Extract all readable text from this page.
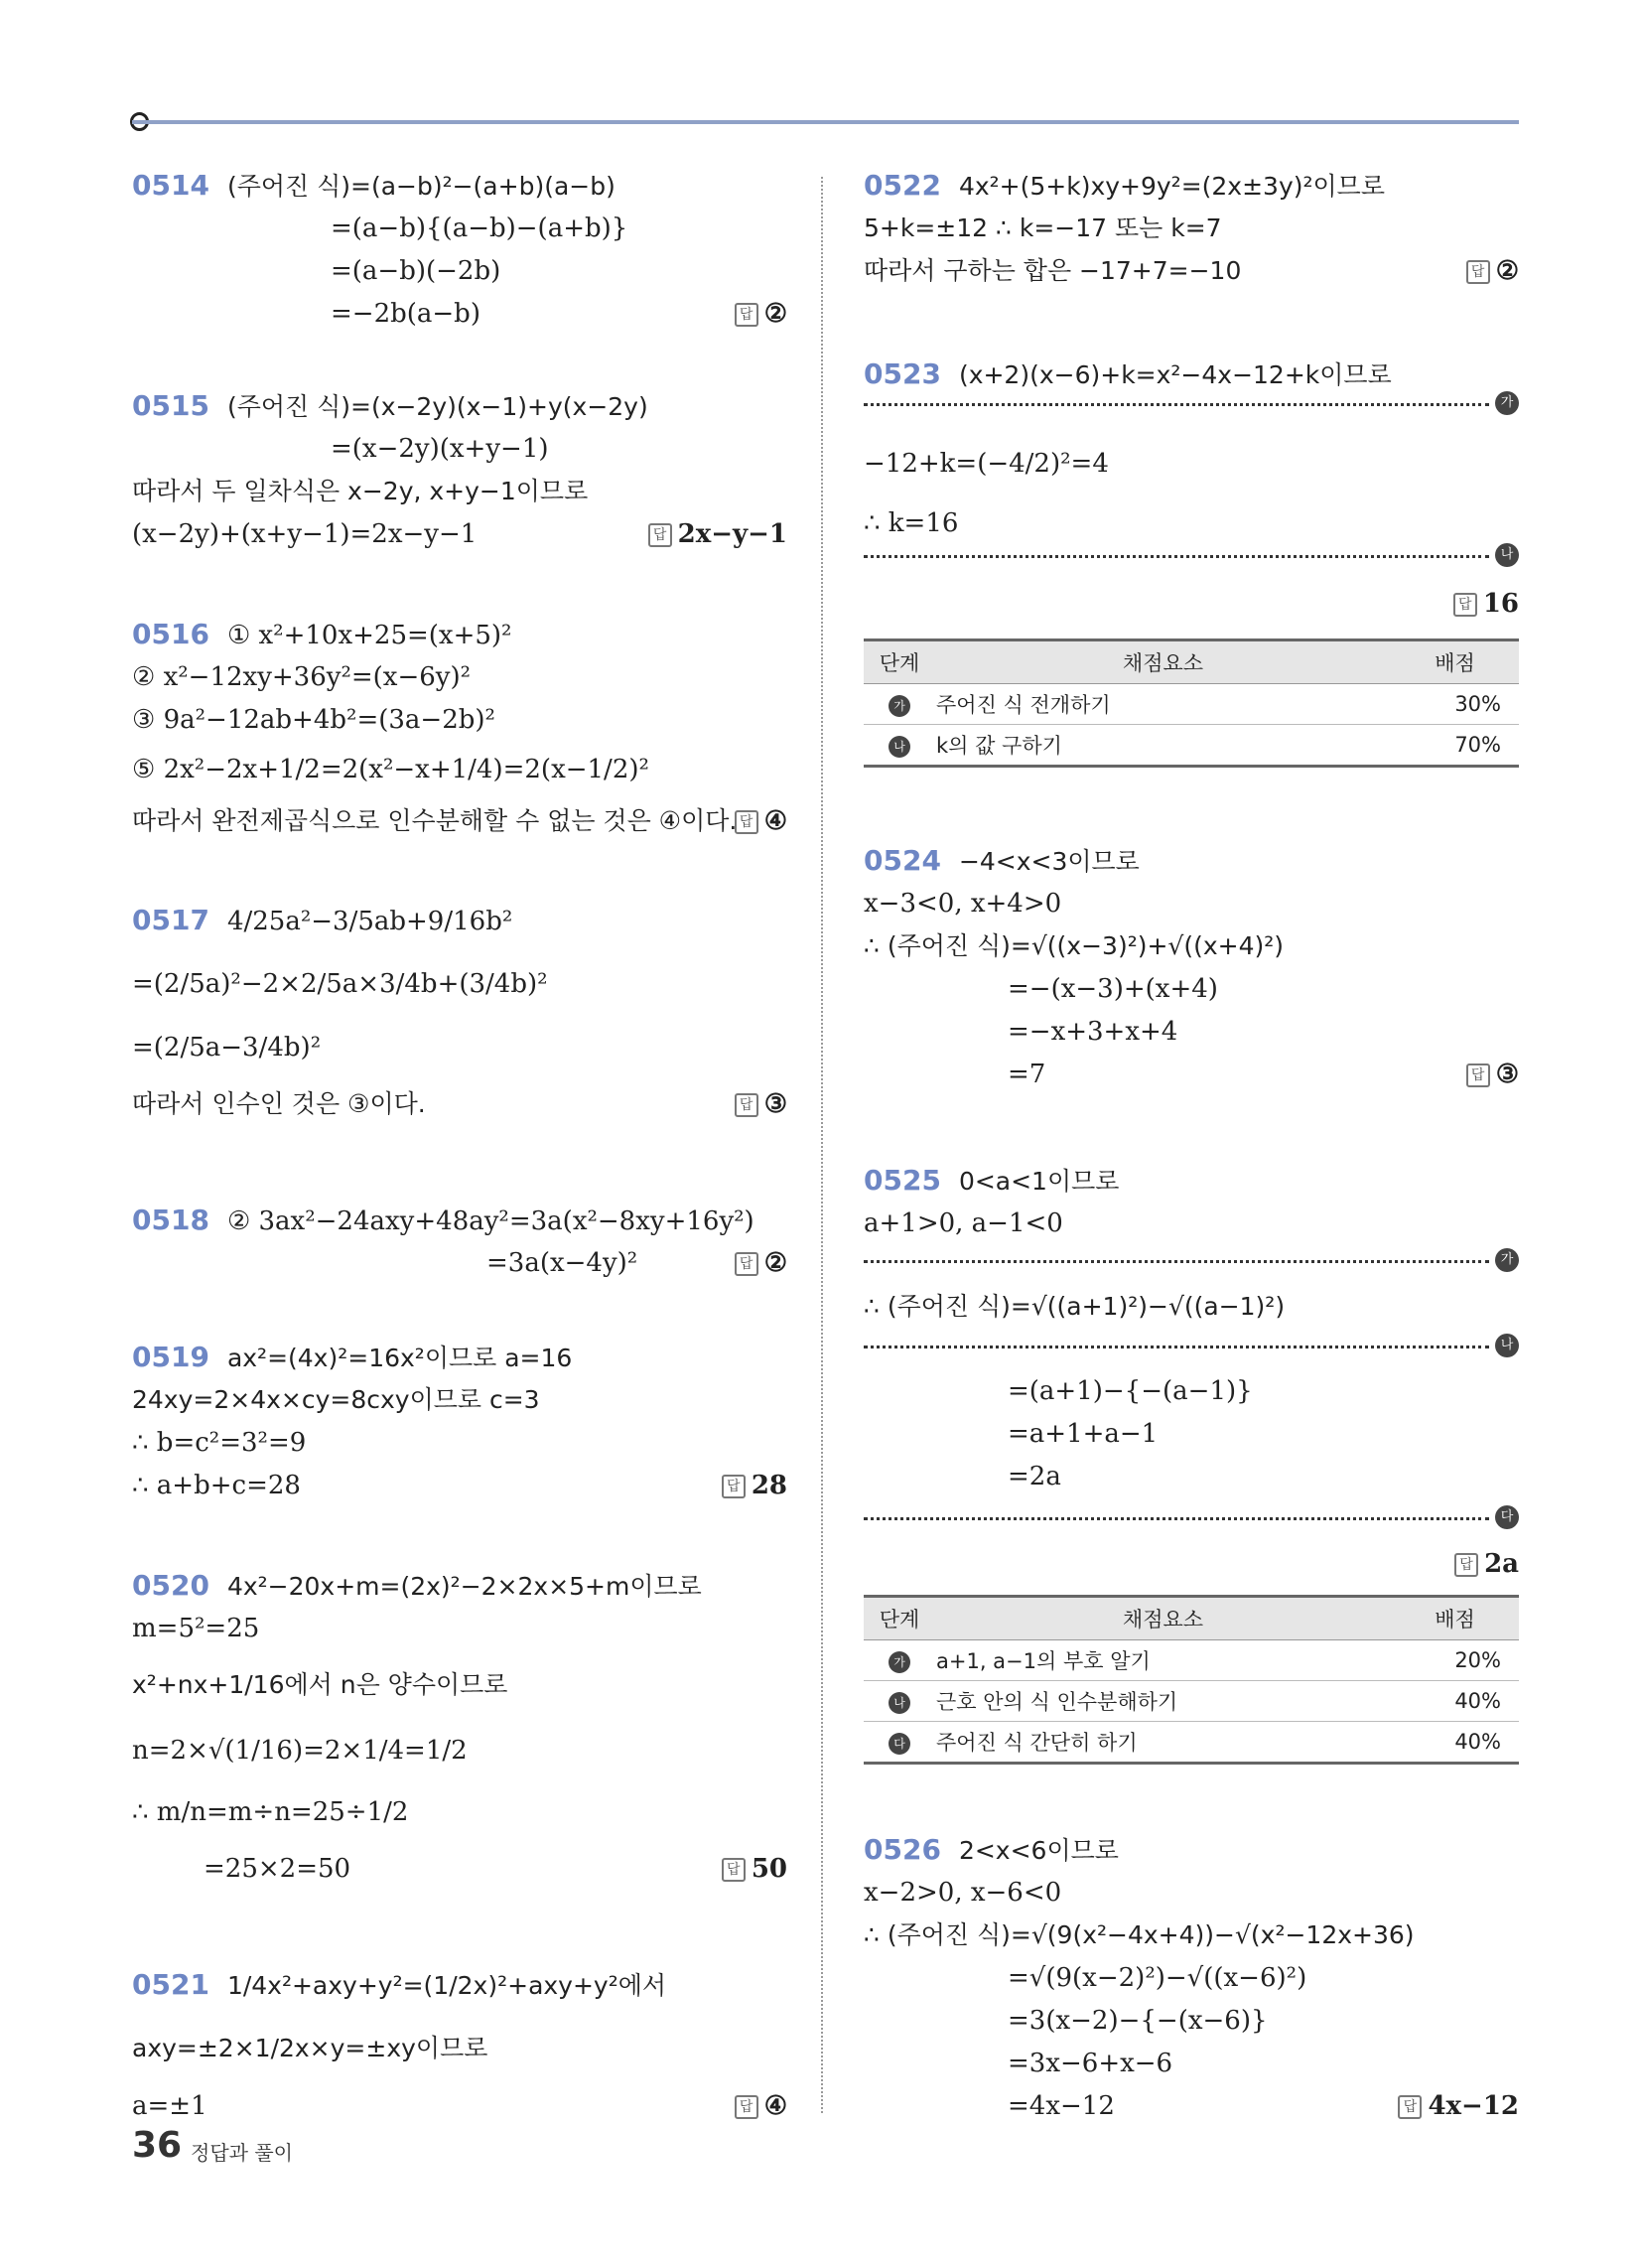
0514 (주어진 식)=(a−b)²−(a+b)(a−b)
=(a−b){(a−b)−(a+b)}
=(a−b)(−2b)
=−2b(a−b)	답 ②
0515 (주어진 식)=(x−2y)(x−1)+y(x−2y)
=(x−2y)(x+y−1)
따라서 두 일차식은 x−2y, x+y−1이므로
(x−2y)+(x+y−1)=2x−y−1	답 2x−y−1
0516 ① x²+10x+25=(x+5)²
② x²−12xy+36y²=(x−6y)²
③ 9a²−12ab+4b²=(3a−2b)²
⑤ 2x²−2x+1/2=2(x²−x+1/4)=2(x−1/2)²
따라서 완전제곱식으로 인수분해할 수 없는 것은 ④이다. 답 ④
0517 4/25a²−3/5ab+9/16b²
=(2/5a)²−2×2/5a×3/4b+(3/4b)²
=(2/5a−3/4b)²
따라서 인수인 것은 ③이다.	답 ③
0518 ② 3ax²−24axy+48ay²=3a(x²−8xy+16y²)
=3a(x−4y)²	답 ②
0519 ax²=(4x)²=16x²이므로 a=16
24xy=2×4x×cy=8cxy이므로 c=3
∴ b=c²=3²=9
∴ a+b+c=28	답 28
0520 4x²−20x+m=(2x)²−2×2x×5+m이므로
m=5²=25
x²+nx+1/16에서 n은 양수이므로
n=2×√(1/16)=2×1/4=1/2
∴ m/n=m÷n=25÷1/2
=25×2=50	답 50
0521 1/4x²+axy+y²=(1/2x)²+axy+y²에서
axy=±2×1/2x×y=±xy이므로
a=±1	답 ④
0522 4x²+(5+k)xy+9y²=(2x±3y)²이므로
5+k=±12 ∴ k=−17 또는 k=7
따라서 구하는 합은 −17+7=−10	답 ②
0523 (x+2)(x−6)+k=x²−4x−12+k이므로
가
−12+k=(−4/2)²=4
∴ k=16
나
답 16
단계	채점요소	배점
가	주어진 식 전개하기	30%
나	k의 값 구하기	70%
0524 −4<x<3이므로
x−3<0, x+4>0
∴ (주어진 식)=√((x−3)²)+√((x+4)²)
=−(x−3)+(x+4)
=−x+3+x+4
=7	답 ③
0525 0<a<1이므로
a+1>0, a−1<0
가
∴ (주어진 식)=√((a+1)²)−√((a−1)²)
나
=(a+1)−{−(a−1)}
=a+1+a−1
=2a
다
답 2a
단계	채점요소	배점
가	a+1, a−1의 부호 알기	20%
나	근호 안의 식 인수분해하기	40%
다	주어진 식 간단히 하기	40%
0526 2<x<6이므로
x−2>0, x−6<0
∴ (주어진 식)=√(9(x²−4x+4))−√(x²−12x+36)
=√(9(x−2)²)−√((x−6)²)
=3(x−2)−{−(x−6)}
=3x−6+x−6
=4x−12	답 4x−12
36 정답과 풀이
